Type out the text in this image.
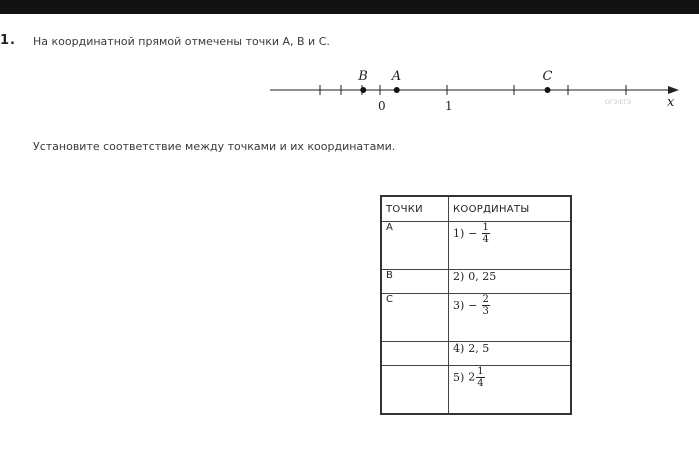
1. На координатной прямой отмечены точки A, B и C.
x
ОГЭ/ЕГЭ
0	1
B A	C
Установите соответствие между точками и их координатами.
ТОЧКИ	КООРДИНАТЫ
A	$1) - \frac{1}{4}$

B	2) 0, 25
C	$3) - \frac{2}{3}$

	4) 2, 5
	5) $2 \frac{1}{4}$
